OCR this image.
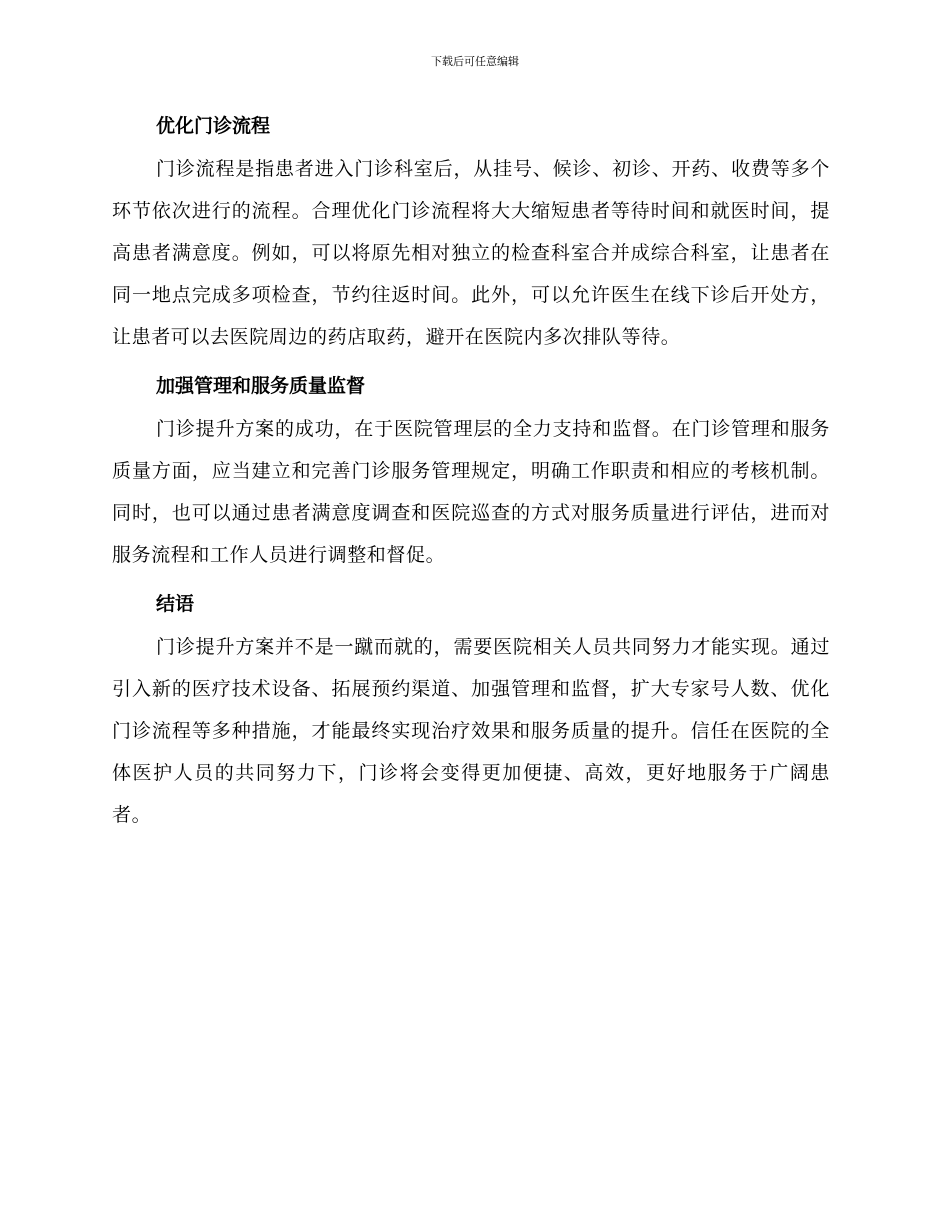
下载后可任意编辑
优化门诊流程

门诊流程是指患者进入门诊科室后，从挂号、候诊、初诊、开药、收费等多个环节依次进行的流程。合理优化门诊流程将大大缩短患者等待时间和就医时间，提高患者满意度。例如，可以将原先相对独立的检查科室合并成综合科室，让患者在同一地点完成多项检查，节约往返时间。此外，可以允许医生在线下诊后开处方，让患者可以去医院周边的药店取药，避开在医院内多次排队等待。

加强管理和服务质量监督

门诊提升方案的成功，在于医院管理层的全力支持和监督。在门诊管理和服务质量方面，应当建立和完善门诊服务管理规定，明确工作职责和相应的考核机制。同时，也可以通过患者满意度调查和医院巡查的方式对服务质量进行评估，进而对服务流程和工作人员进行调整和督促。

结语

门诊提升方案并不是一蹴而就的，需要医院相关人员共同努力才能实现。通过引入新的医疗技术设备、拓展预约渠道、加强管理和监督，扩大专家号人数、优化门诊流程等多种措施，才能最终实现治疗效果和服务质量的提升。信任在医院的全体医护人员的共同努力下，门诊将会变得更加便捷、高效，更好地服务于广阔患者。
